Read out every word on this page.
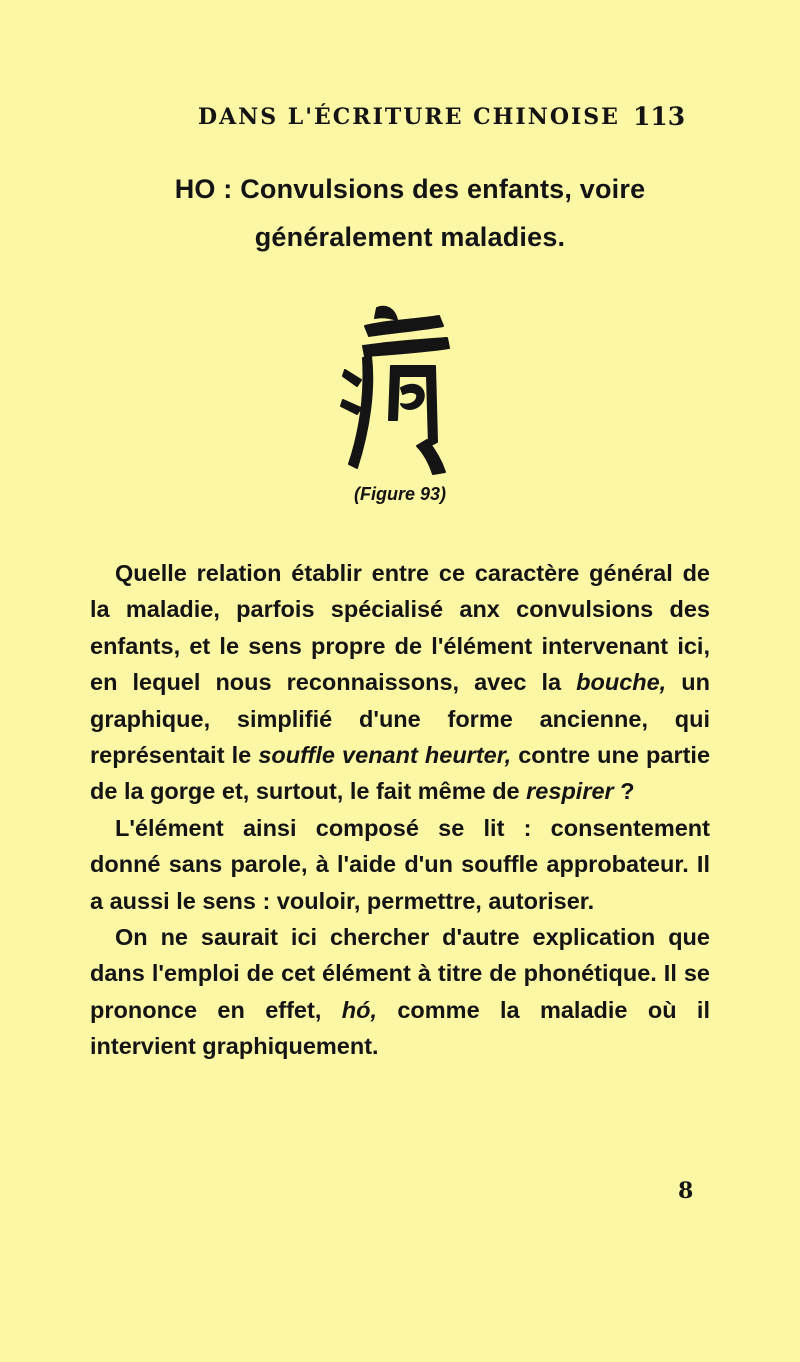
DANS L'ÉCRITURE CHINOISE 113
HO : Convulsions des enfants, voire généralement maladies.
(Figure 93)

Quelle relation établir entre ce caractère général de la maladie, parfois spécialisé anx convulsions des enfants, et le sens propre de l'élément intervenant ici, en lequel nous reconnaissons, avec la bouche, un graphique, simplifié d'une forme ancienne, qui représentait le souffle venant heurter, contre une partie de la gorge et, surtout, le fait même de respirer ?

L'élément ainsi composé se lit : consentement donné sans parole, à l'aide d'un souffle approbateur. Il a aussi le sens : vouloir, permettre, autoriser.

On ne saurait ici chercher d'autre explication que dans l'emploi de cet élément à titre de phonétique. Il se prononce en effet, hó, comme la maladie où il intervient graphiquement.

8
